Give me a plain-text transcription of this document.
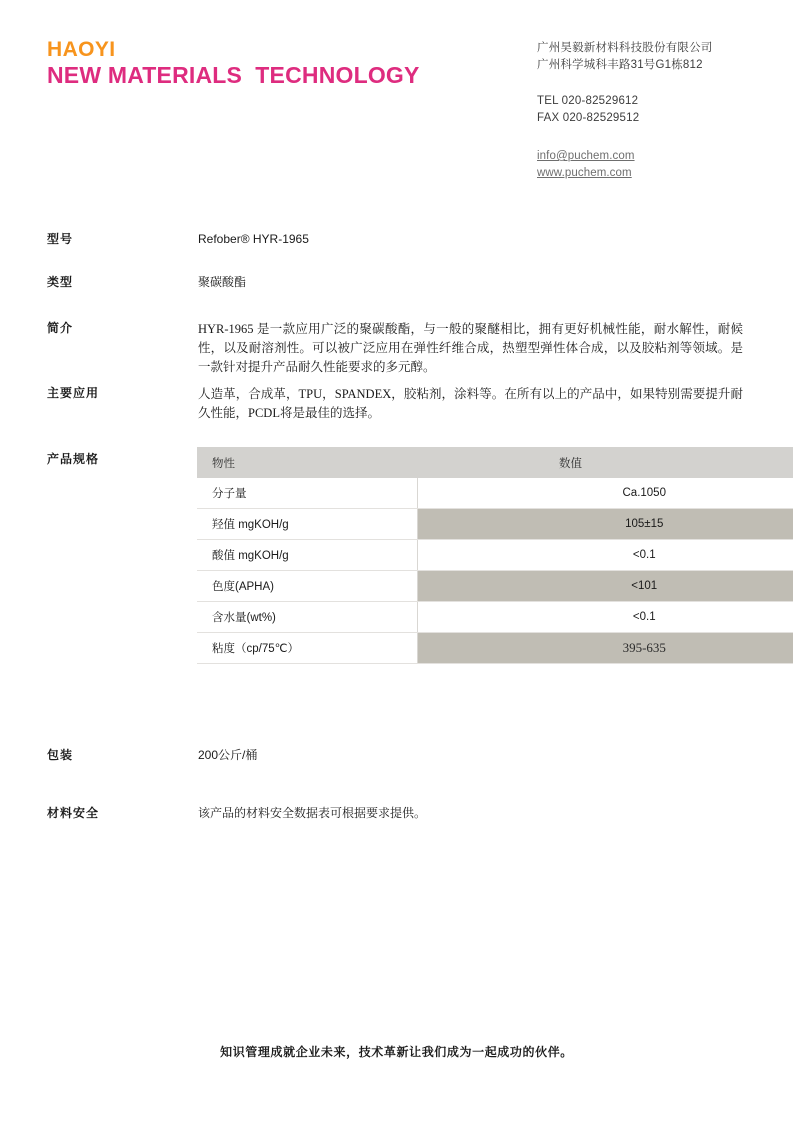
HAOYI
NEW MATERIALS  TECHNOLOGY
广州昊毅新材料科技股份有限公司
广州科学城科丰路31号G1栋812
TEL 020-82529612
FAX 020-82529512
info@puchem.com
www.puchem.com
型号	Refober® HYR-1965
类型	聚碳酸酯
简介	HYR-1965 是一款应用广泛的聚碳酸酯，与一般的聚醚相比，拥有更好机械性能，耐水解性，耐候性，以及耐溶剂性。可以被广泛应用在弹性纤维合成，热塑型弹性体合成，以及胶粘剂等领域。是一款针对提升产品耐久性能要求的多元醇。
主要应用	人造革，合成革，TPU，SPANDEX，胶粘剂，涂料等。在所有以上的产品中，如果特别需要提升耐久性能，PCDL将是最佳的选择。
产品规格	物性	数值
分子量	Ca.1050
羟值 mgKOH/g	105±15
酸值 mgKOH/g	<0.1
色度(APHA)	<101
含水量(wt%)	<0.1
粘度（cp/75℃）	395-635
包装	200公斤/桶
材料安全	该产品的材料安全数据表可根据要求提供。
知识管理成就企业未来，技术革新让我们成为一起成功的伙伴。
